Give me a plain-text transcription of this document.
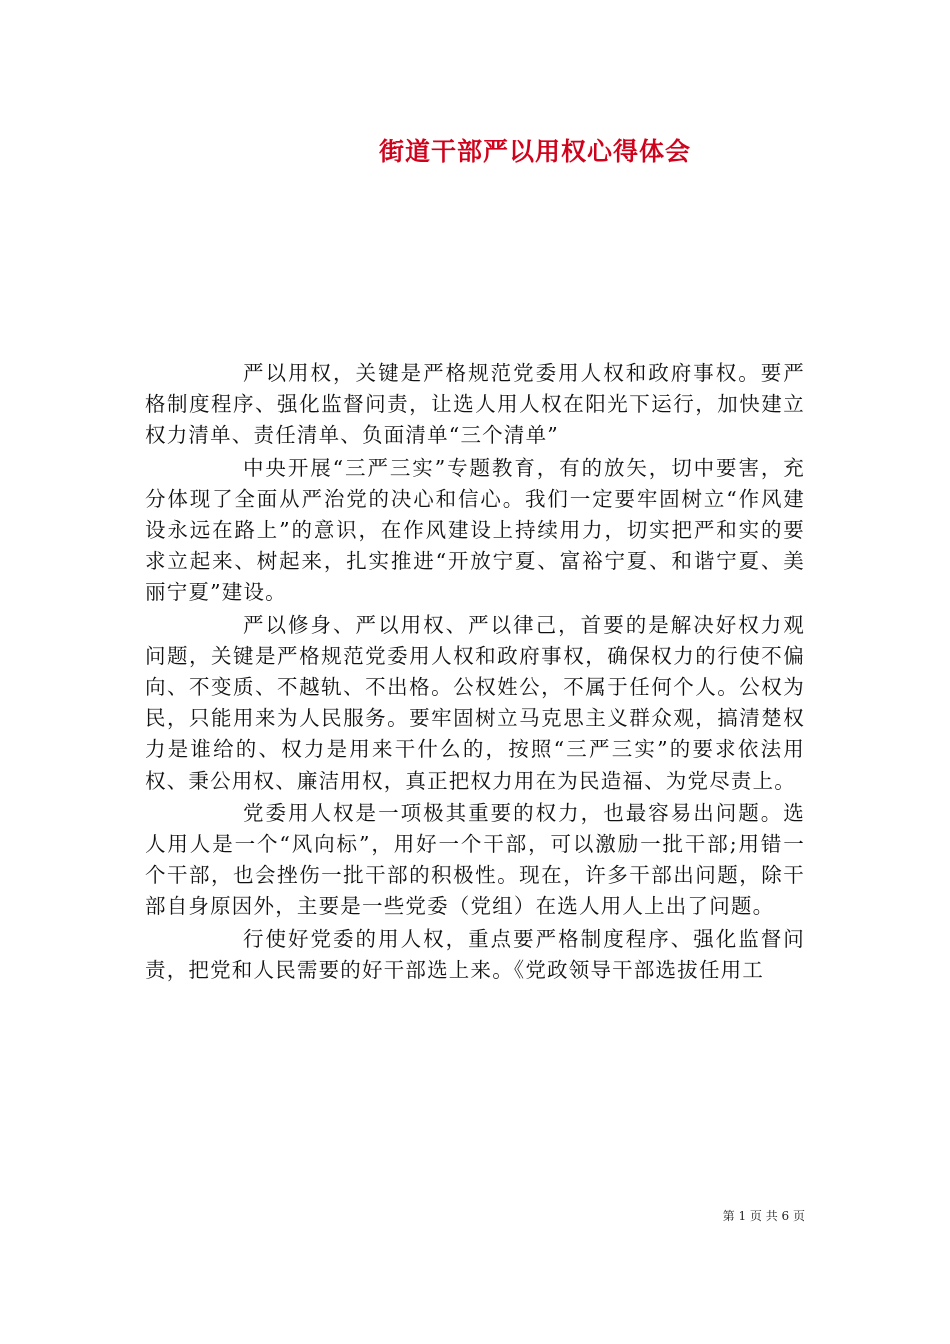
街道干部严以用权心得体会

严以用权，关键是严格规范党委用人权和政府事权。要严格制度程序、强化监督问责，让选人用人权在阳光下运行，加快建立权力清单、责任清单、负面清单“三个清单”

中央开展“三严三实”专题教育，有的放矢，切中要害，充分体现了全面从严治党的决心和信心。我们一定要牢固树立“作风建设永远在路上”的意识，在作风建设上持续用力，切实把严和实的要求立起来、树起来，扎实推进“开放宁夏、富裕宁夏、和谐宁夏、美丽宁夏”建设。

严以修身、严以用权、严以律己，首要的是解决好权力观问题，关键是严格规范党委用人权和政府事权，确保权力的行使不偏向、不变质、不越轨、不出格。公权姓公，不属于任何个人。公权为民，只能用来为人民服务。要牢固树立马克思主义群众观，搞清楚权力是谁给的、权力是用来干什么的，按照“三严三实”的要求依法用权、秉公用权、廉洁用权，真正把权力用在为民造福、为党尽责上。

党委用人权是一项极其重要的权力，也最容易出问题。选人用人是一个“风向标”，用好一个干部，可以激励一批干部;用错一个干部，也会挫伤一批干部的积极性。现在，许多干部出问题，除干部自身原因外，主要是一些党委（党组）在选人用人上出了问题。

行使好党委的用人权，重点要严格制度程序、强化监督问责，把党和人民需要的好干部选上来。《党政领导干部选拔任用工

第 1 页 共 6 页
